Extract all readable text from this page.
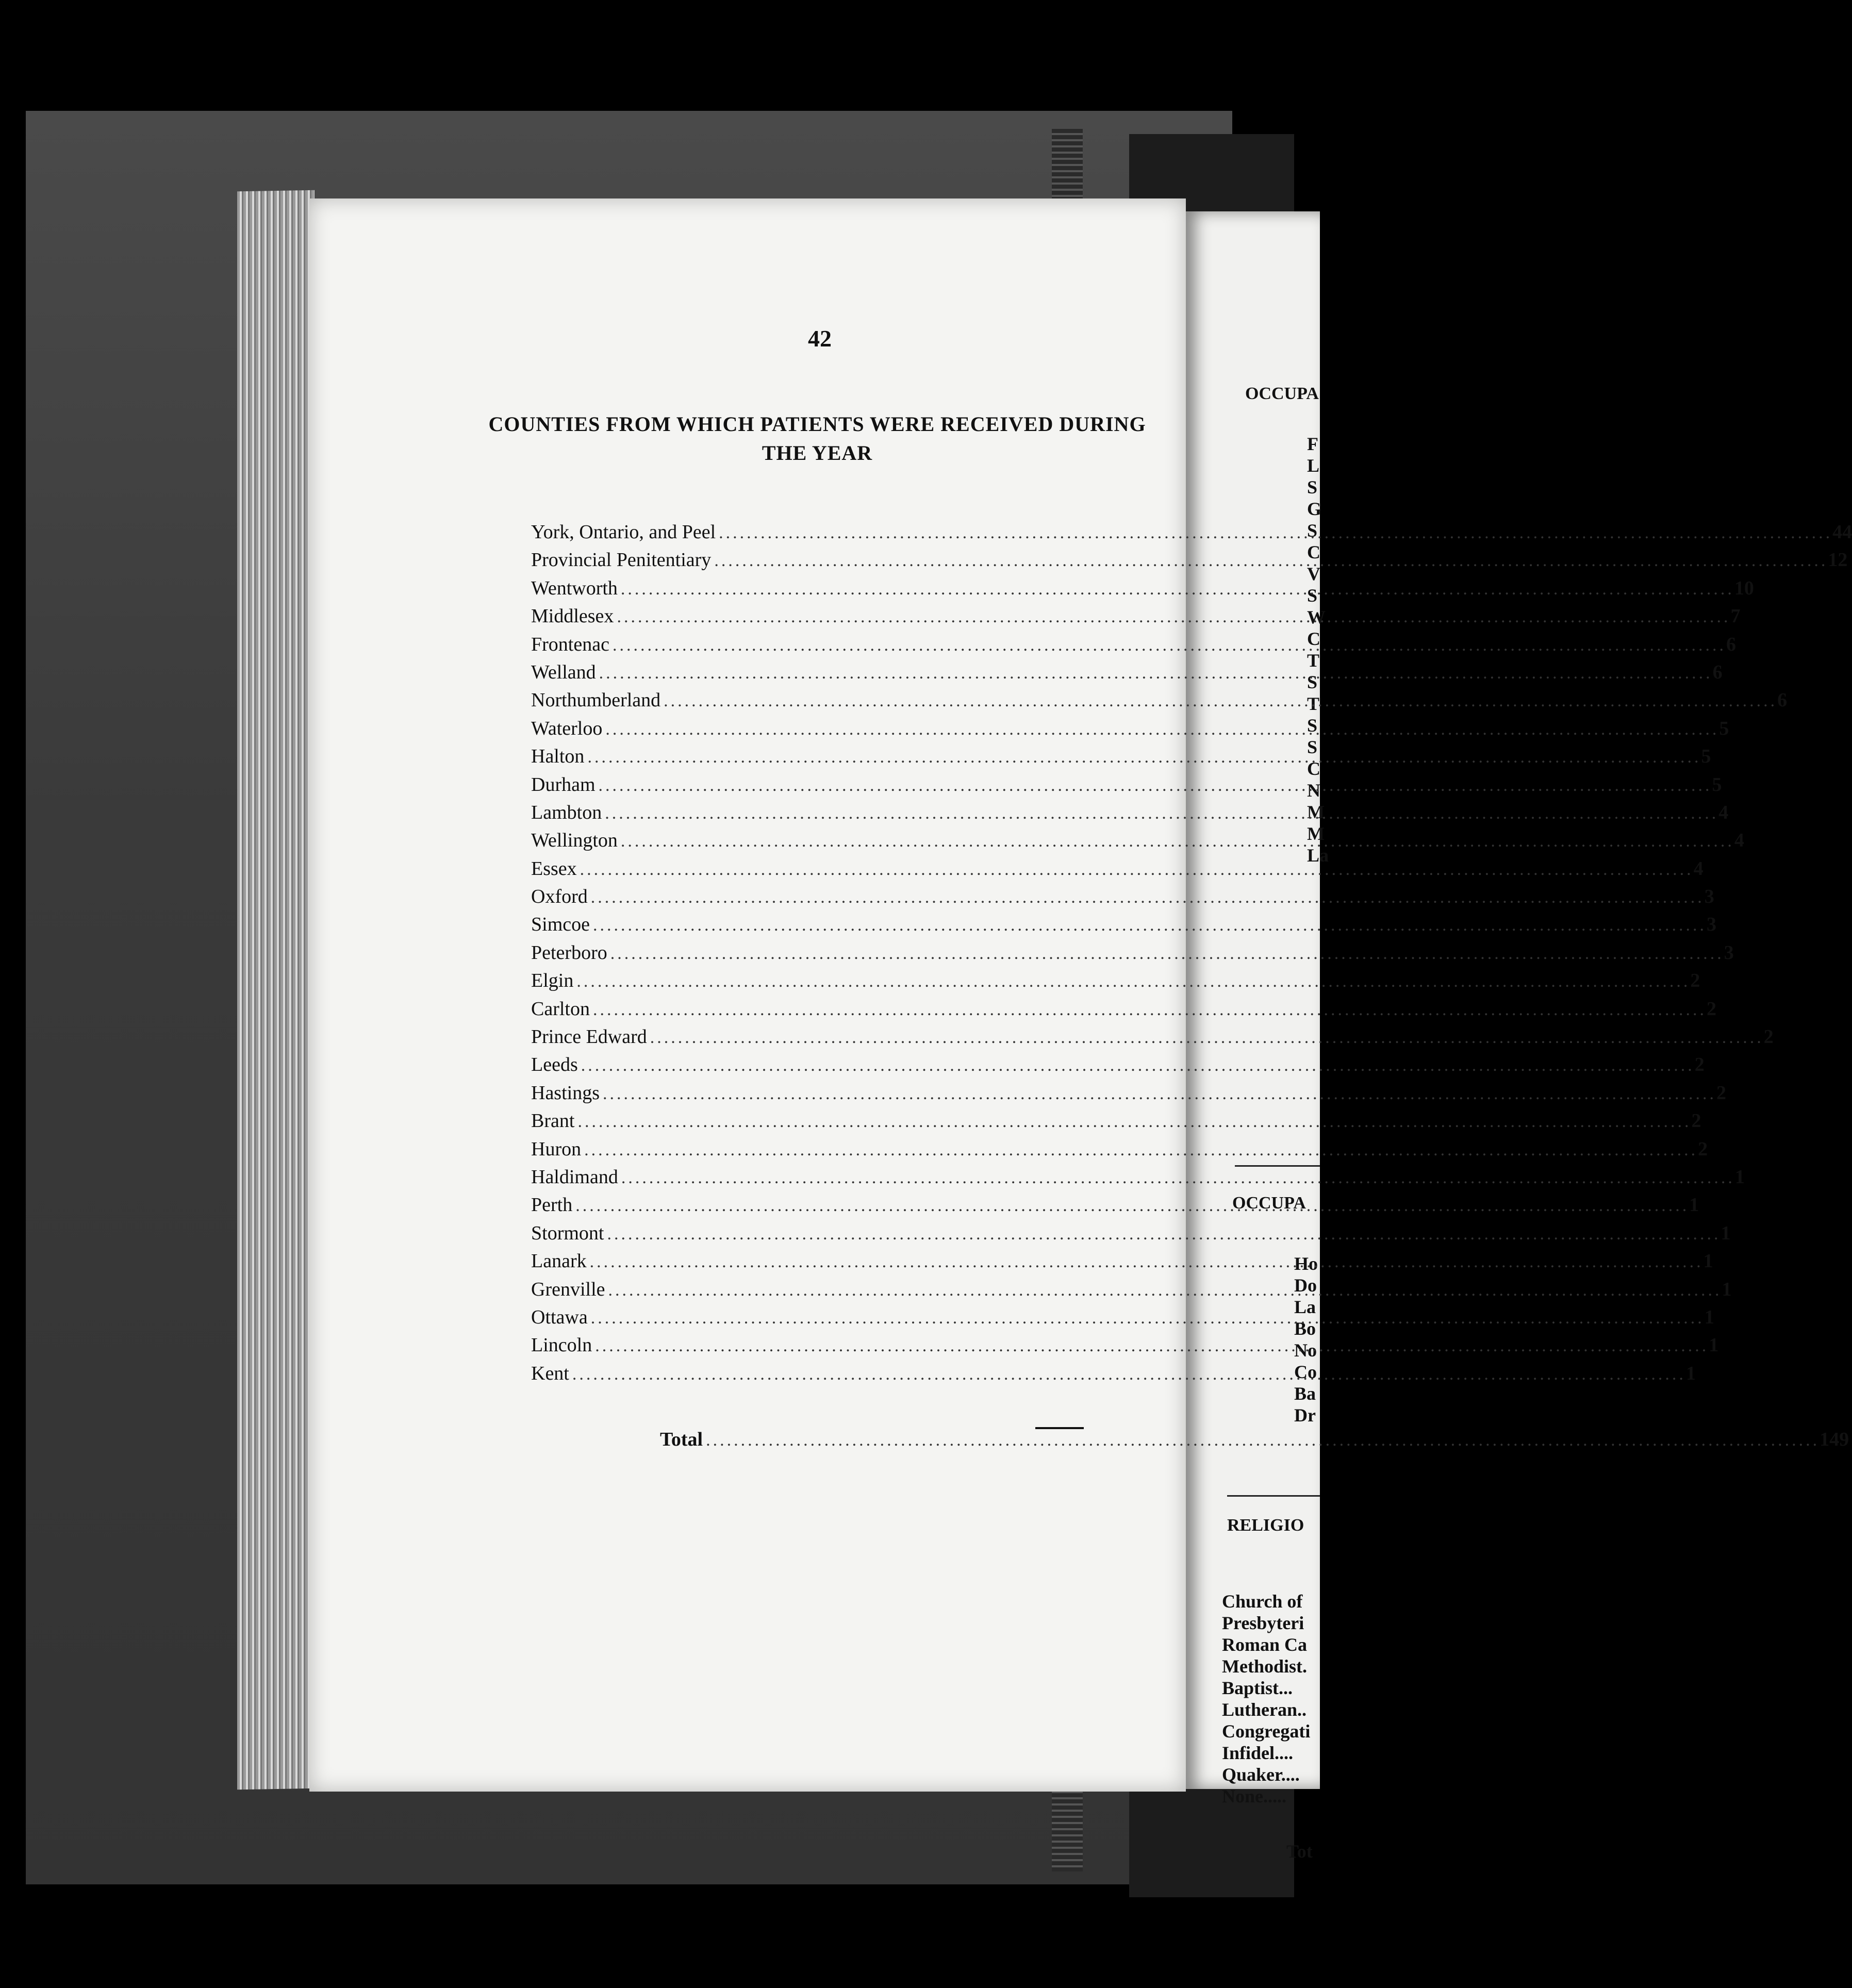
OCCUPA
F
L
S
G
S
C
V
S
W
C
T
S
T
S
S
C
N
M
M
La
OCCUPA
Ho
Do
La
Bo
No
Co
Ba
Dr
RELIGIO
Church of
Presbyteri
Roman Ca
Methodist.
Baptist...
Lutheran..
Congregati
Infidel....
Quaker....
None.....
Tot
42
COUNTIES FROM WHICH PATIENTS WERE RECEIVED DURING
THE YEAR
York, Ontario, and Peel .....	44
Provincial Penitentiary .....	12
Wentworth .....	10
Middlesex .....	7
Frontenac .....	6
Welland .....	6
Northumberland .....	6
Waterloo .....	5
Halton .....	5
Durham .....	5
Lambton .....	4
Wellington .....	4
Essex .....	4
Oxford .....	3
Simcoe .....	3
Peterboro .....	3
Elgin .....	2
Carlton .....	2
Prince Edward .....	2
Leeds .....	2
Hastings .....	2
Brant .....	2
Huron .....	2
Haldimand .....	1
Perth .....	1
Stormont .....	1
Lanark .....	1
Grenville .....	1
Ottawa .....	1
Lincoln .....	1
Kent .....	1
Total .....	149
